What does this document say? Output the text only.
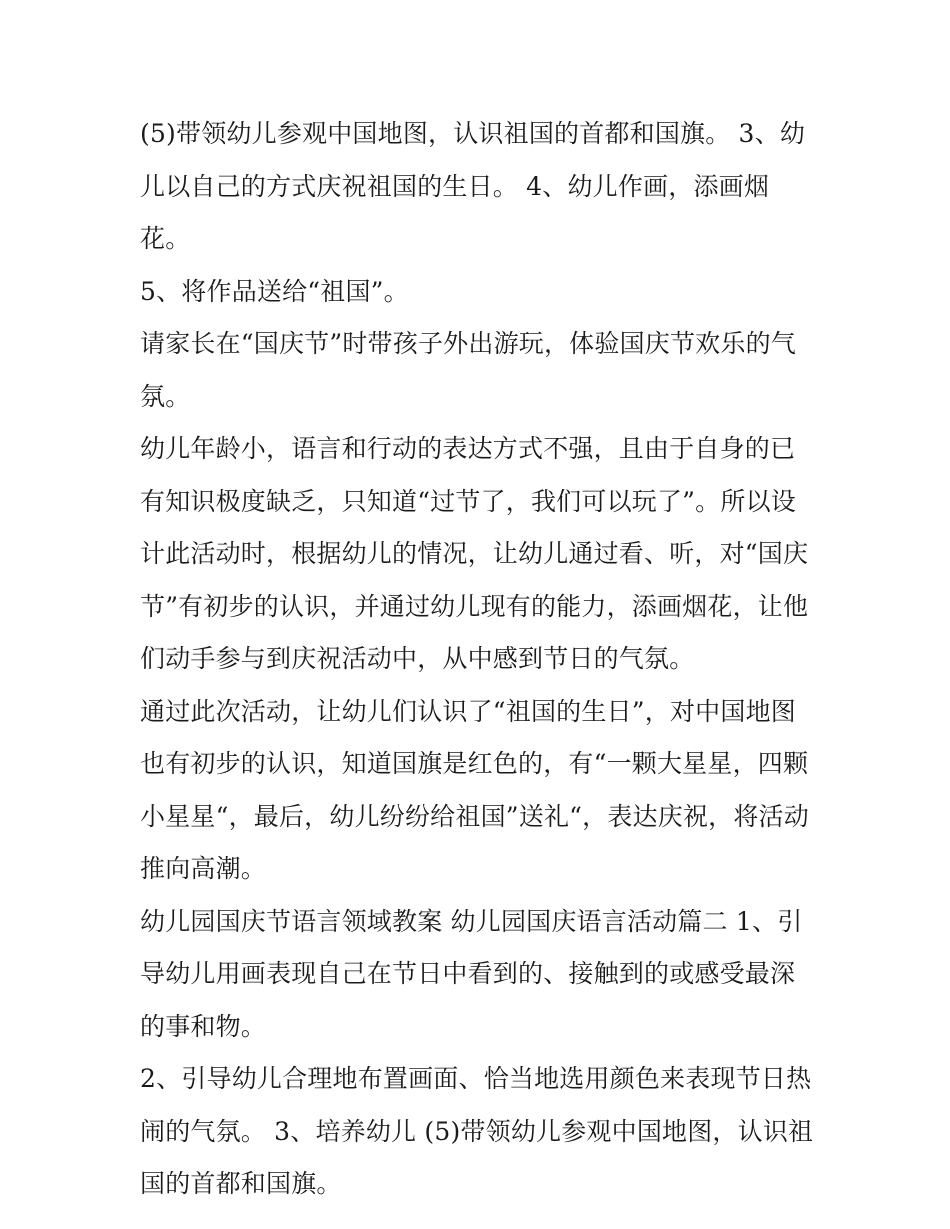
(5)带领幼儿参观中国地图，认识祖国的首都和国旗。 3、幼儿以自己的方式庆祝祖国的生日。 4、幼儿作画，添画烟花。

5、将作品送给“祖国”。

请家长在“国庆节”时带孩子外出游玩，体验国庆节欢乐的气氛。

幼儿年龄小，语言和行动的表达方式不强，且由于自身的已有知识极度缺乏，只知道“过节了，我们可以玩了”。所以设计此活动时，根据幼儿的情况，让幼儿通过看、听，对“国庆节”有初步的认识，并通过幼儿现有的能力，添画烟花，让他们动手参与到庆祝活动中，从中感到节日的气氛。

通过此次活动，让幼儿们认识了“祖国的生日”，对中国地图也有初步的认识，知道国旗是红色的，有“一颗大星星，四颗小星星“，最后，幼儿纷纷给祖国”送礼“，表达庆祝，将活动推向高潮。

幼儿园国庆节语言领域教案 幼儿园国庆语言活动篇二 1、引导幼儿用画表现自己在节日中看到的、接触到的或感受最深的事和物。

2、引导幼儿合理地布置画面、恰当地选用颜色来表现节日热闹的气氛。 3、培养幼儿 (5)带领幼儿参观中国地图，认识祖国的首都和国旗。
